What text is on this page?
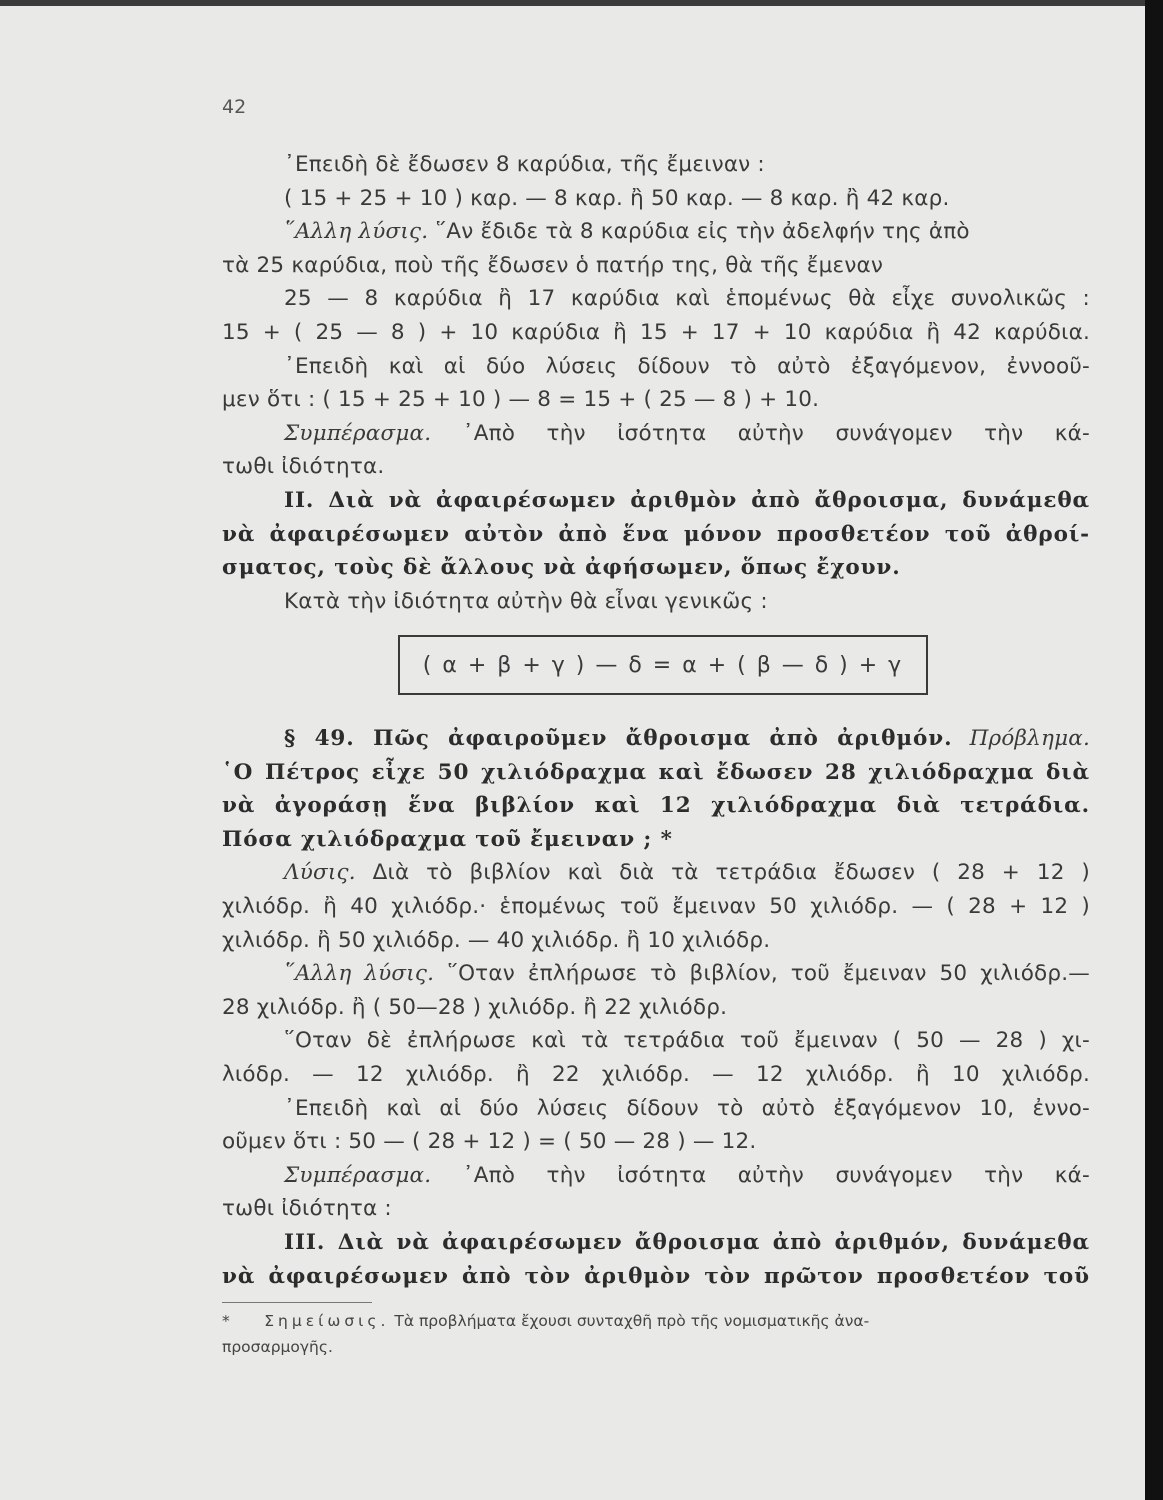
42
᾿Επειδὴ δὲ ἔδωσεν 8 καρύδια, τῆς ἔμειναν :
( 15 + 25 + 10 ) καρ. — 8 καρ. ἢ 50 καρ. — 8 καρ. ἢ 42 καρ.
῞Αλλη λύσις. ῞Αν ἔδιδε τὰ 8 καρύδια εἰς τὴν ἀδελφήν της ἀπὸ
τὰ 25 καρύδια, ποὺ τῆς ἔδωσεν ὁ πατήρ της, θὰ τῆς ἔμεναν
25 — 8 καρύδια ἢ 17 καρύδια καὶ ἑπομένως θὰ εἶχε συνολικῶς :
15 + ( 25 — 8 ) + 10 καρύδια ἢ 15 + 17 + 10 καρύδια ἢ 42 καρύδια.
᾿Επειδὴ καὶ αἱ δύο λύσεις δίδουν τὸ αὐτὸ ἐξαγόμενον, ἐννοοῦ-
μεν ὅτι : ( 15 + 25 + 10 ) — 8 = 15 + ( 25 — 8 ) + 10.
Συμπέρασμα. ᾿Απὸ τὴν ἰσότητα αὐτὴν συνάγομεν τὴν κά-
τωθι ἰδιότητα.
II. Διὰ νὰ ἀφαιρέσωμεν ἀριθμὸν ἀπὸ ἄθροισμα, δυνάμεθα
νὰ ἀφαιρέσωμεν αὐτὸν ἀπὸ ἕνα μόνον προσθετέον τοῦ ἀθροί-
σματος, τοὺς δὲ ἄλλους νὰ ἀφήσωμεν, ὅπως ἔχουν.
Κατὰ τὴν ἰδιότητα αὐτὴν θὰ εἶναι γενικῶς :
( α + β + γ ) — δ = α + ( β — δ ) + γ
§ 49. Πῶς ἀφαιροῦμεν ἄθροισμα ἀπὸ ἀριθμόν. Πρόβλημα.
῾Ο Πέτρος εἶχε 50 χιλιόδραχμα καὶ ἔδωσεν 28 χιλιόδραχμα διὰ
νὰ ἀγοράσῃ ἕνα βιβλίον καὶ 12 χιλιόδραχμα διὰ τετράδια.
Πόσα χιλιόδραχμα τοῦ ἔμειναν ; *
Λύσις. Διὰ τὸ βιβλίον καὶ διὰ τὰ τετράδια ἔδωσεν ( 28 + 12 )
χιλιόδρ. ἢ 40 χιλιόδρ.· ἑπομένως τοῦ ἔμειναν 50 χιλιόδρ. — ( 28 + 12 )
χιλιόδρ. ἢ 50 χιλιόδρ. — 40 χιλιόδρ. ἢ 10 χιλιόδρ.
῞Αλλη λύσις. ῞Οταν ἐπλήρωσε τὸ βιβλίον, τοῦ ἔμειναν 50 χιλιόδρ.—
28 χιλιόδρ. ἢ ( 50—28 ) χιλιόδρ. ἢ 22 χιλιόδρ.
῞Οταν δὲ ἐπλήρωσε καὶ τὰ τετράδια τοῦ ἔμειναν ( 50 — 28 ) χι-
λιόδρ. — 12 χιλιόδρ. ἢ 22 χιλιόδρ. — 12 χιλιόδρ. ἢ 10 χιλιόδρ.
᾿Επειδὴ καὶ αἱ δύο λύσεις δίδουν τὸ αὐτὸ ἐξαγόμενον 10, ἐννο-
οῦμεν ὅτι : 50 — ( 28 + 12 ) = ( 50 — 28 ) — 12.
Συμπέρασμα. ᾿Απὸ τὴν ἰσότητα αὐτὴν συνάγομεν τὴν κά-
τωθι ἰδιότητα :
III. Διὰ νὰ ἀφαιρέσωμεν ἄθροισμα ἀπὸ ἀριθμόν, δυνάμεθα
νὰ ἀφαιρέσωμεν ἀπὸ τὸν ἀριθμὸν τὸν πρῶτον προσθετέον τοῦ
* Σημείωσις. Τὰ προβλήματα ἔχουσι συνταχθῆ πρὸ τῆς νομισματικῆς ἀνα-
προσαρμογῆς.
